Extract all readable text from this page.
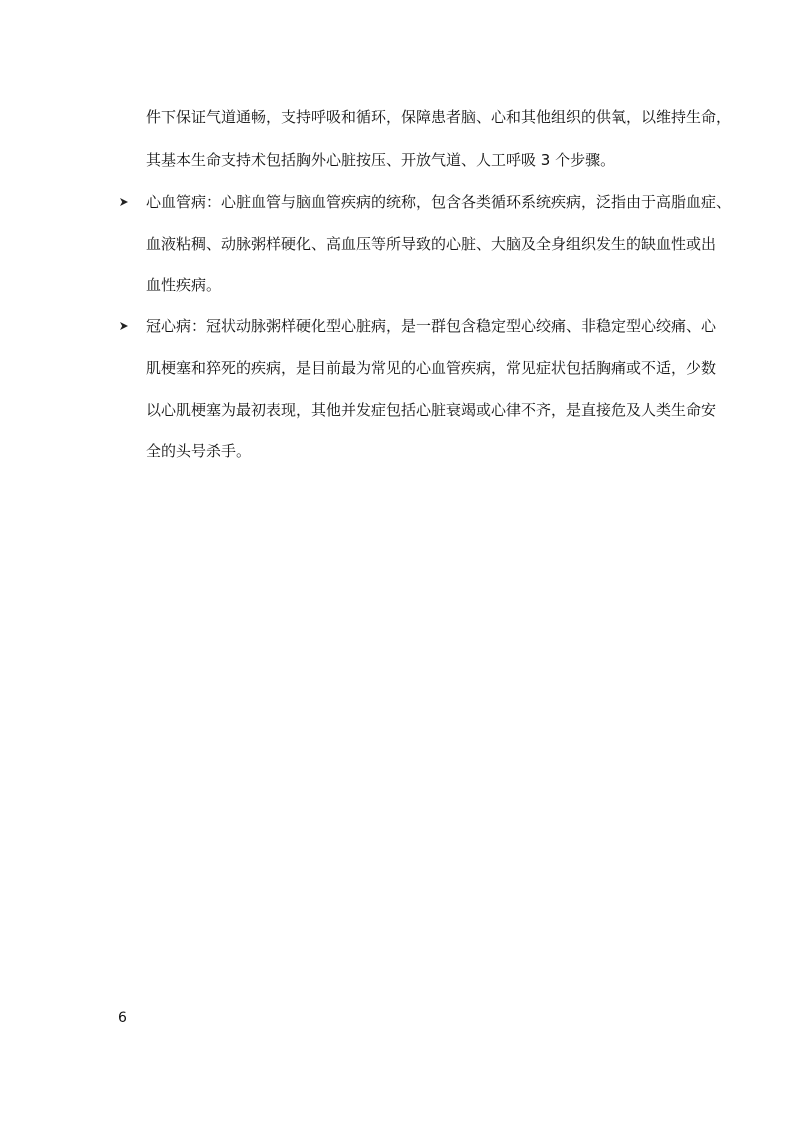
件下保证气道通畅，支持呼吸和循环，保障患者脑、心和其他组织的供氧，以维持生命，
其基本生命支持术包括胸外心脏按压、开放气道、人工呼吸 3 个步骤。
心血管病：心脏血管与脑血管疾病的统称，包含各类循环系统疾病，泛指由于高脂血症、
血液粘稠、动脉粥样硬化、高血压等所导致的心脏、大脑及全身组织发生的缺血性或出
血性疾病。
冠心病：冠状动脉粥样硬化型心脏病，是一群包含稳定型心绞痛、非稳定型心绞痛、心
肌梗塞和猝死的疾病，是目前最为常见的心血管疾病，常见症状包括胸痛或不适，少数
以心肌梗塞为最初表现，其他并发症包括心脏衰竭或心律不齐，是直接危及人类生命安
全的头号杀手。
6
